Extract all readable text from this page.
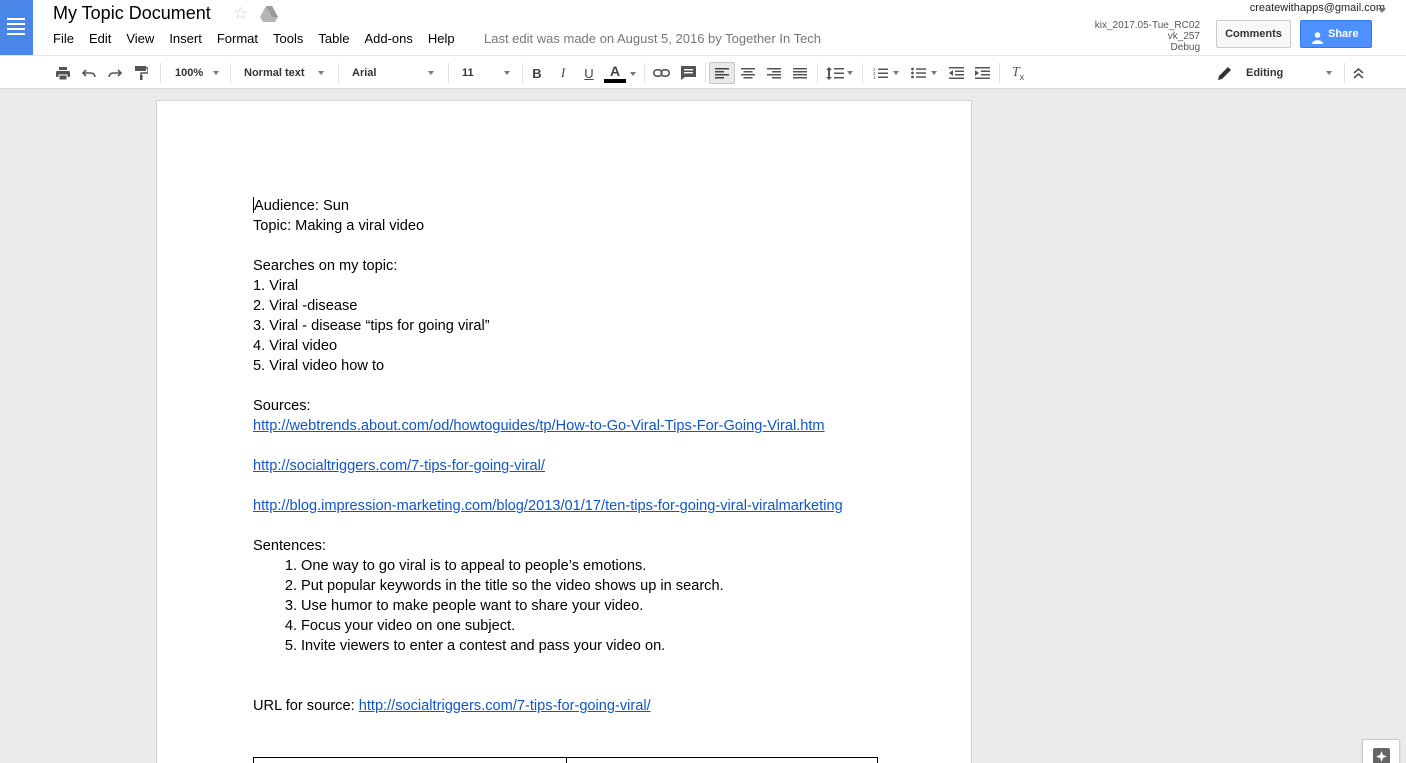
My Topic Document ☆
File Edit View Insert Format Tools Table Add-ons Help Last edit was made on August 5, 2016 by Together In Tech
createwithapps@gmail.com
kix_2017.05-Tue_RC02 vk_257
Debug
Comments	Share
100%	Normal text	Arial	11	B	I	U	A	1
2
3	T x	Editing
Audience: Sun
Topic: Making a viral video
Searches on my topic:
1. Viral
2. Viral -disease
3. Viral - disease “tips for going viral”
4. Viral video
5. Viral video how to
Sources:
http://webtrends.about.com/od/howtoguides/tp/How-to-Go-Viral-Tips-For-Going-Viral.htm
http://socialtriggers.com/7-tips-for-going-viral/
http://blog.impression-marketing.com/blog/2013/01/17/ten-tips-for-going-viral-viralmarketing
Sentences:
1. One way to go viral is to appeal to people’s emotions.
2. Put popular keywords in the title so the video shows up in search.
3. Use humor to make people want to share your video.
4. Focus your video on one subject.
5. Invite viewers to enter a contest and pass your video on.
URL for source: http://socialtriggers.com/7-tips-for-going-viral/
